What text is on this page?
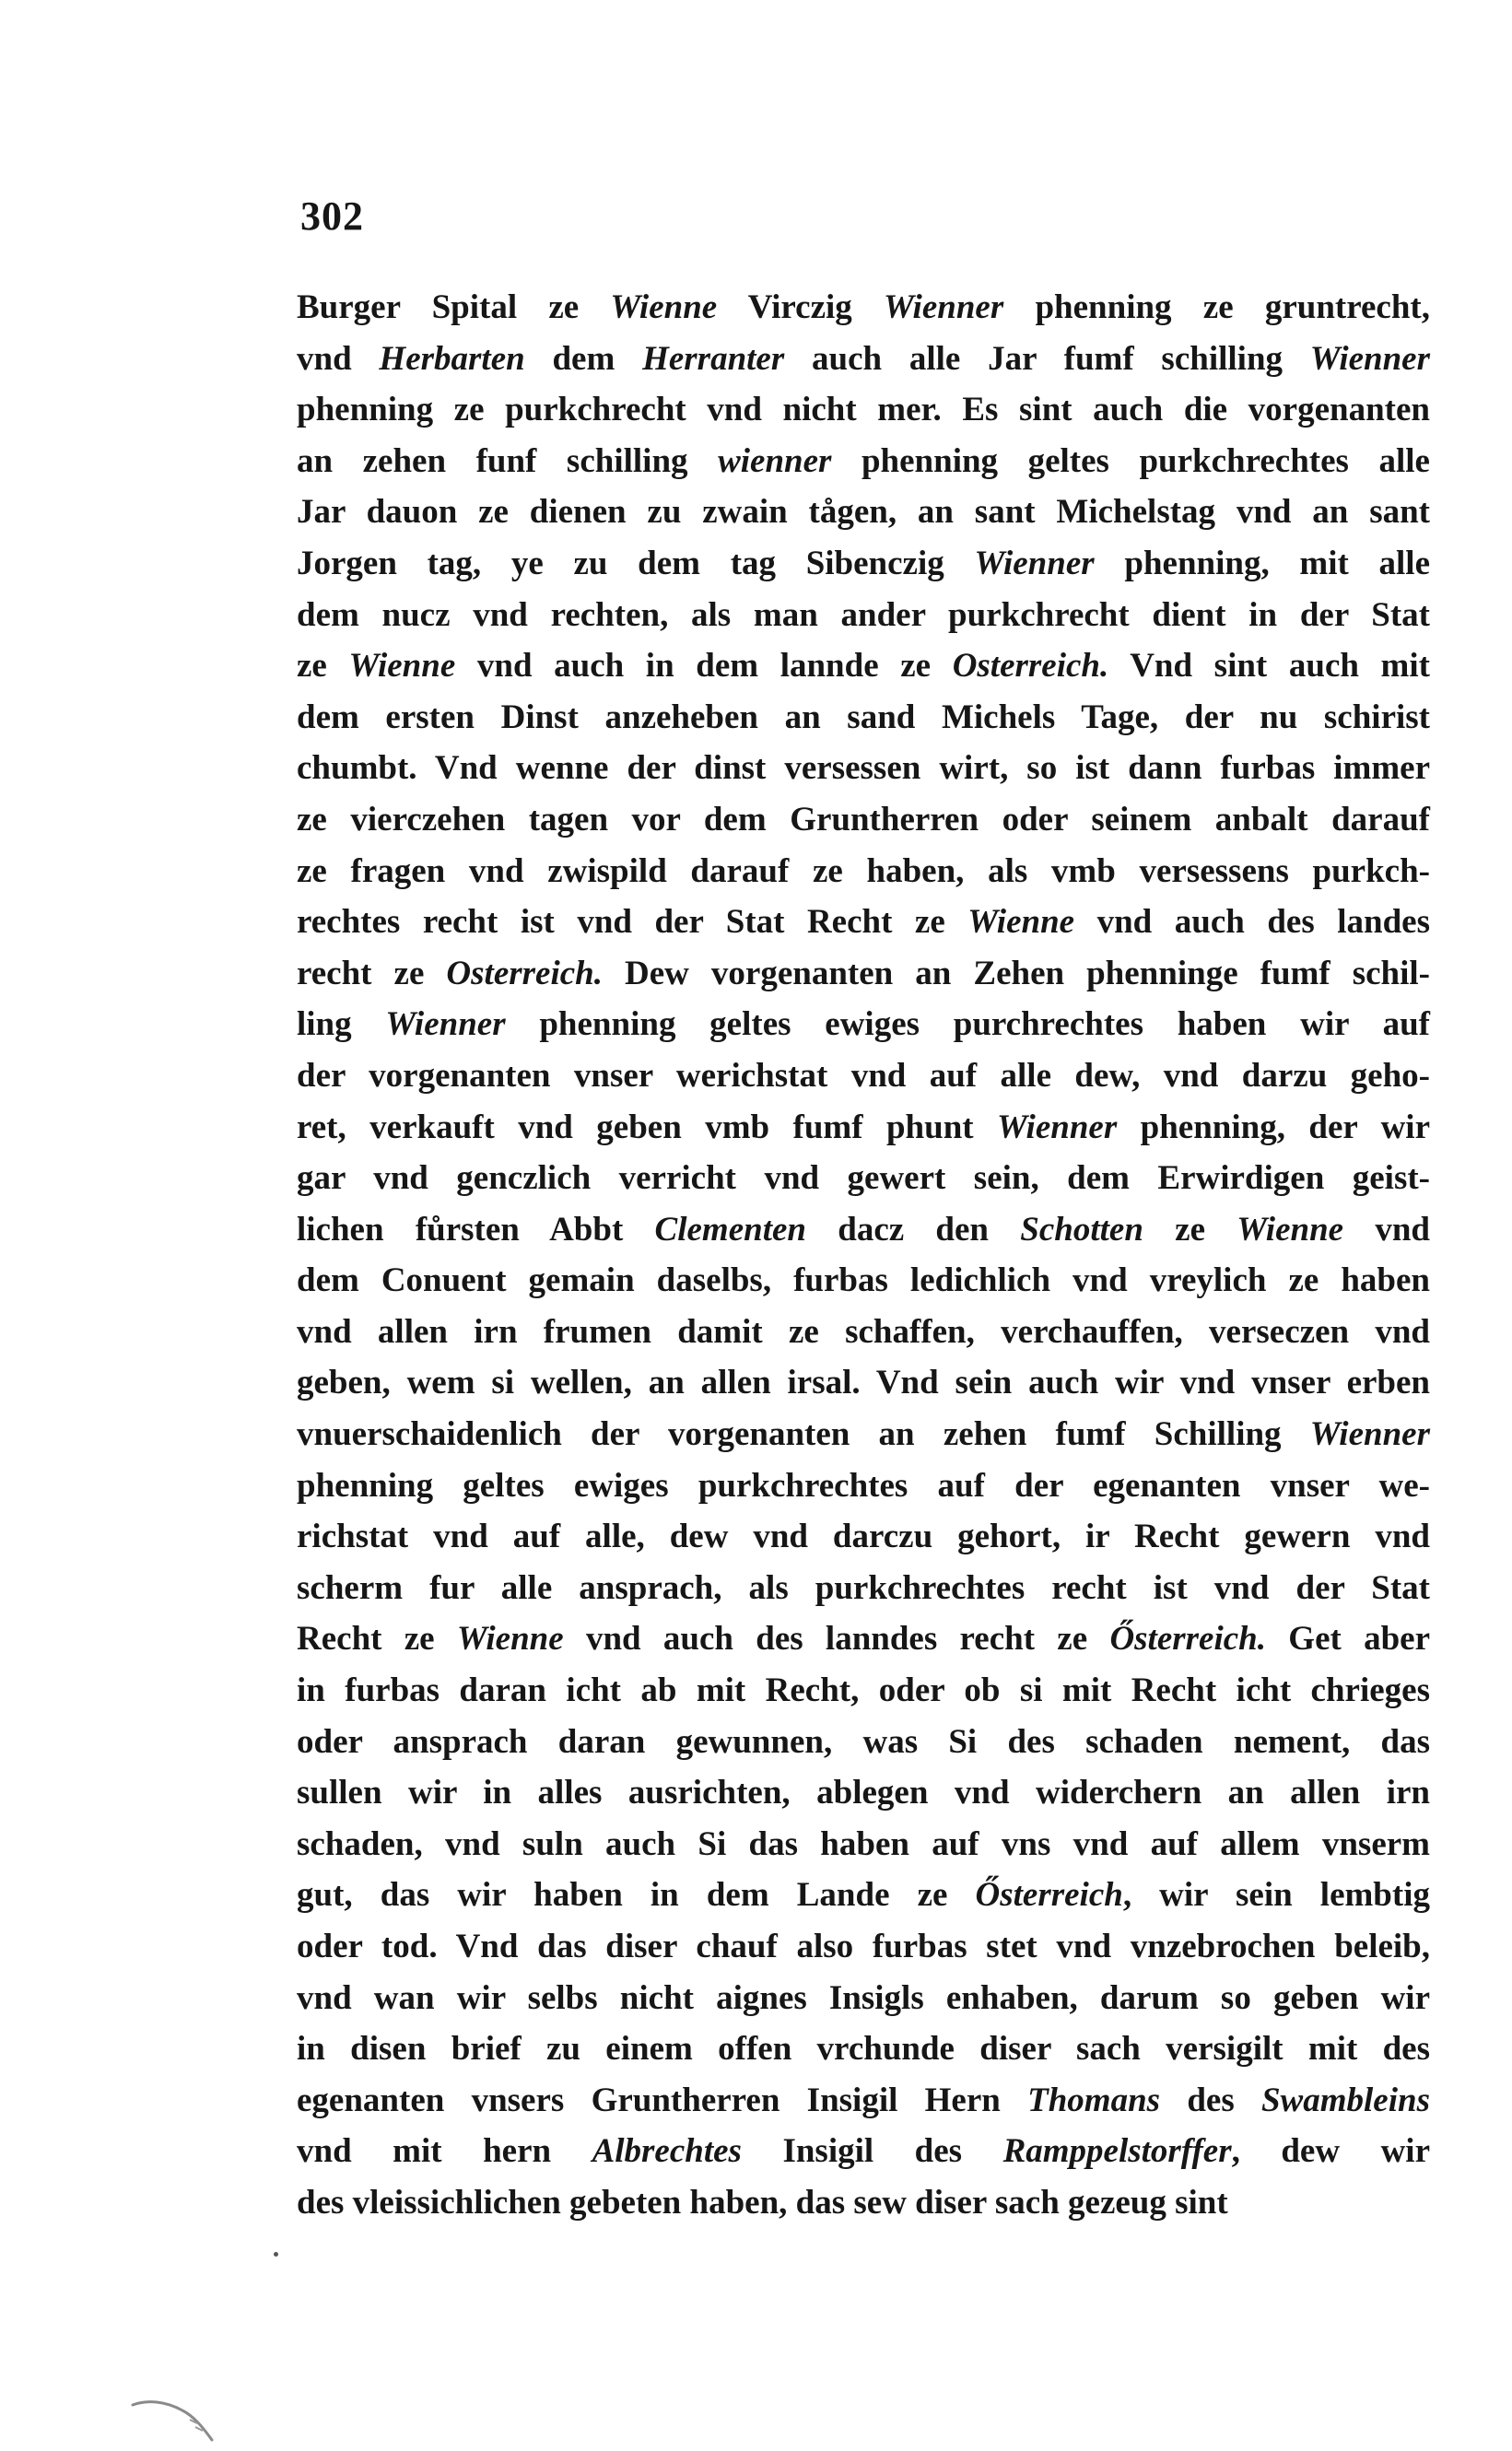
302
Burger Spital ze Wienne Virczig Wienner phenning ze gruntrecht,
vnd Herbarten dem Herranter auch alle Jar fumf schilling Wienner
phenning ze purkchrecht vnd nicht mer. Es sint auch die vorgenanten
an zehen funf schilling wienner phenning geltes purkchrechtes alle
Jar dauon ze dienen zu zwain tågen, an sant Michelstag vnd an sant
Jorgen tag, ye zu dem tag Sibenczig Wienner phenning, mit alle
dem nucz vnd rechten, als man ander purkchrecht dient in der Stat
ze Wienne vnd auch in dem lannde ze Osterreich. Vnd sint auch mit
dem ersten Dinst anzeheben an sand Michels Tage, der nu schirist
chumbt. Vnd wenne der dinst versessen wirt, so ist dann furbas immer
ze vierczehen tagen vor dem Gruntherren oder seinem anbalt darauf
ze fragen vnd zwispild darauf ze haben, als vmb versessens purkch-
rechtes recht ist vnd der Stat Recht ze Wienne vnd auch des landes
recht ze Osterreich. Dew vorgenanten an Zehen phenninge fumf schil-
ling Wienner phenning geltes ewiges purchrechtes haben wir auf
der vorgenanten vnser werichstat vnd auf alle dew, vnd darzu geho-
ret, verkauft vnd geben vmb fumf phunt Wienner phenning, der wir
gar vnd genczlich verricht vnd gewert sein, dem Erwirdigen geist-
lichen fůrsten Abbt Clementen dacz den Schotten ze Wienne vnd
dem Conuent gemain daselbs, furbas ledichlich vnd vreylich ze haben
vnd allen irn frumen damit ze schaffen, verchauffen, verseczen vnd
geben, wem si wellen, an allen irsal. Vnd sein auch wir vnd vnser erben
vnuerschaidenlich der vorgenanten an zehen fumf Schilling Wienner
phenning geltes ewiges purkchrechtes auf der egenanten vnser we-
richstat vnd auf alle, dew vnd darczu gehort, ir Recht gewern vnd
scherm fur alle ansprach, als purkchrechtes recht ist vnd der Stat
Recht ze Wienne vnd auch des lanndes recht ze Ősterreich. Get aber
in furbas daran icht ab mit Recht, oder ob si mit Recht icht chrieges
oder ansprach daran gewunnen, was Si des schaden nement, das
sullen wir in alles ausrichten, ablegen vnd widerchern an allen irn
schaden, vnd suln auch Si das haben auf vns vnd auf allem vnserm
gut, das wir haben in dem Lande ze Ősterreich, wir sein lembtig
oder tod. Vnd das diser chauf also furbas stet vnd vnzebrochen beleib,
vnd wan wir selbs nicht aignes Insigls enhaben, darum so geben wir
in disen brief zu einem offen vrchunde diser sach versigilt mit des
egenanten vnsers Gruntherren Insigil Hern Thomans des Swambleins
vnd mit hern Albrechtes Insigil des Ramppelstorffer, dew wir
des vleissichlichen gebeten haben, das sew diser sach gezeug sint
